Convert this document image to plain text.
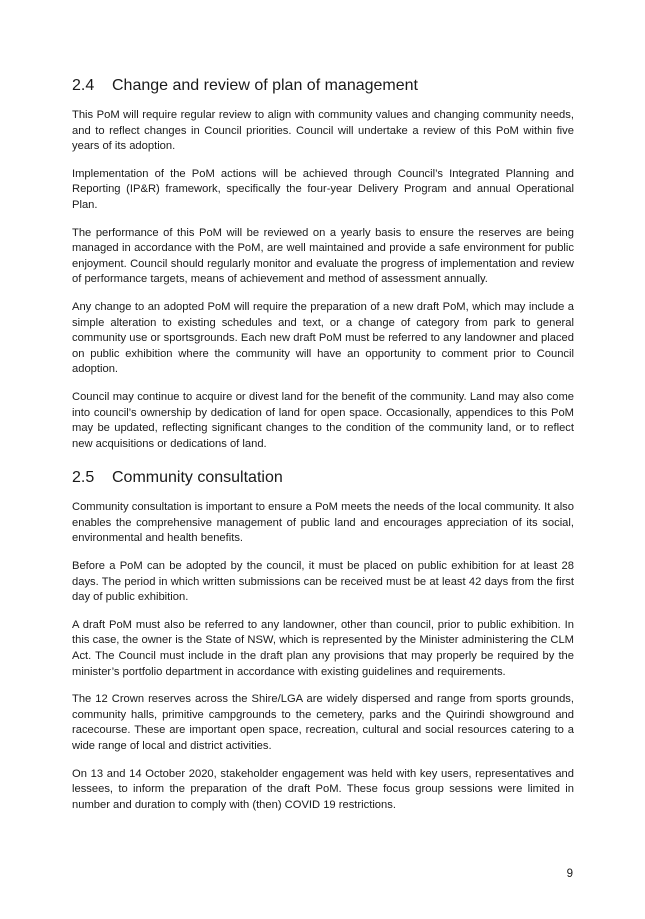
2.4	Change and review of plan of management

This PoM will require regular review to align with community values and changing community needs, and to reflect changes in Council priorities. Council will undertake a review of this PoM within five years of its adoption.

Implementation of the PoM actions will be achieved through Council’s Integrated Planning and Reporting (IP&R) framework, specifically the four-year Delivery Program and annual Operational Plan.

The performance of this PoM will be reviewed on a yearly basis to ensure the reserves are being managed in accordance with the PoM, are well maintained and provide a safe environment for public enjoyment. Council should regularly monitor and evaluate the progress of implementation and review of performance targets, means of achievement and method of assessment annually.

Any change to an adopted PoM will require the preparation of a new draft PoM, which may include a simple alteration to existing schedules and text, or a change of category from park to general community use or sportsgrounds. Each new draft PoM must be referred to any landowner and placed on public exhibition where the community will have an opportunity to comment prior to Council adoption.

Council may continue to acquire or divest land for the benefit of the community. Land may also come into council’s ownership by dedication of land for open space. Occasionally, appendices to this PoM may be updated, reflecting significant changes to the condition of the community land, or to reflect new acquisitions or dedications of land.

2.5	Community consultation

Community consultation is important to ensure a PoM meets the needs of the local community. It also enables the comprehensive management of public land and encourages appreciation of its social, environmental and health benefits.

Before a PoM can be adopted by the council, it must be placed on public exhibition for at least 28 days. The period in which written submissions can be received must be at least 42 days from the first day of public exhibition.

A draft PoM must also be referred to any landowner, other than council, prior to public exhibition. In this case, the owner is the State of NSW, which is represented by the Minister administering the CLM Act. The Council must include in the draft plan any provisions that may properly be required by the minister’s portfolio department in accordance with existing guidelines and requirements.

The 12 Crown reserves across the Shire/LGA are widely dispersed and range from sports grounds, community halls, primitive campgrounds to the cemetery, parks and the Quirindi showground and racecourse. These are important open space, recreation, cultural and social resources catering to a wide range of local and district activities.

On 13 and 14 October 2020, stakeholder engagement was held with key users, representatives and lessees, to inform the preparation of the draft PoM. These focus group sessions were limited in number and duration to comply with (then) COVID 19 restrictions.

9
